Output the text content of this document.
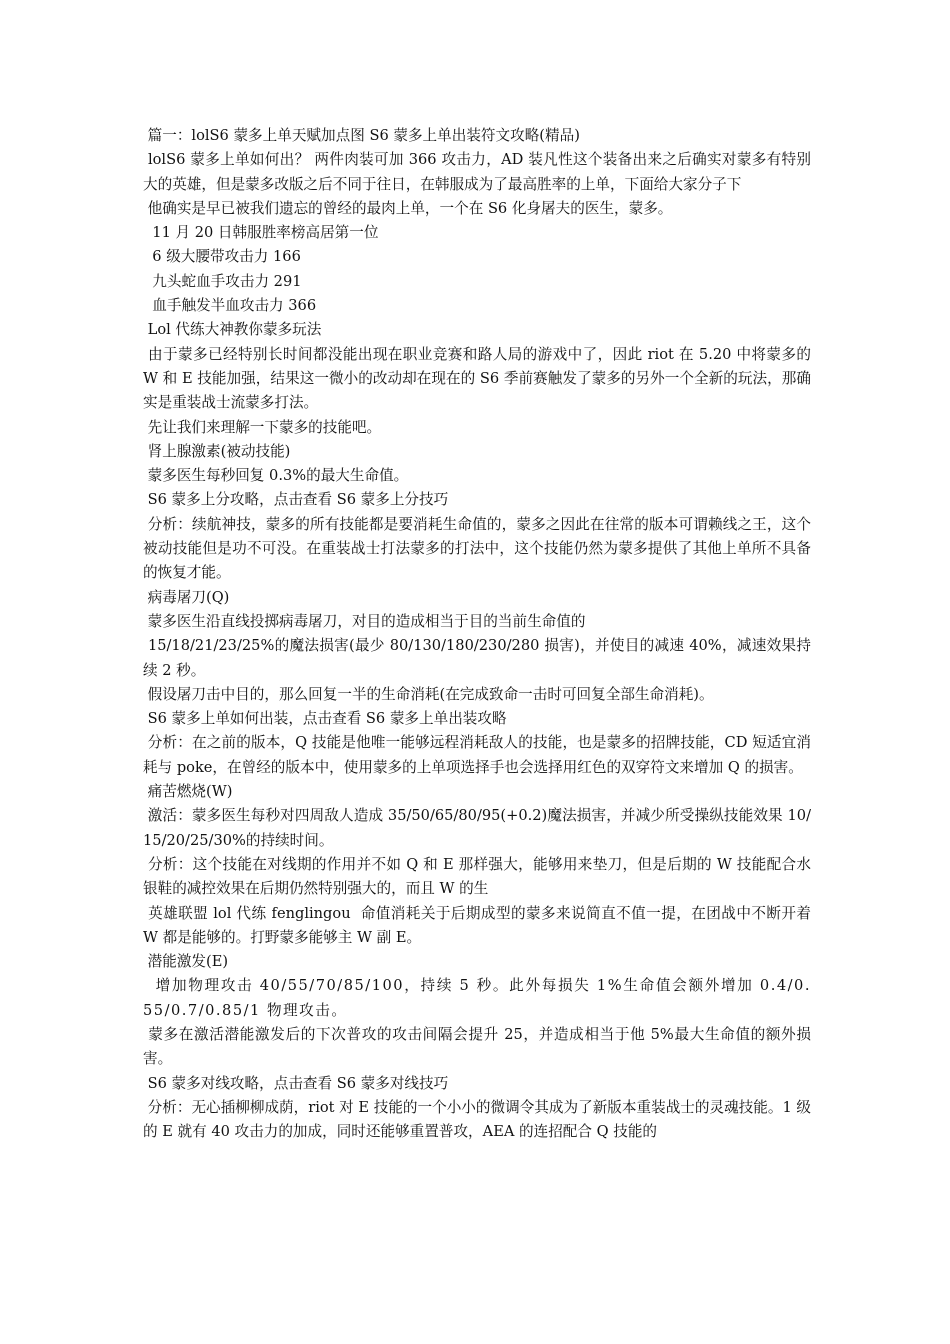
篇一：lolS6 蒙多上单天赋加点图 S6 蒙多上单出装符文攻略(精品)

lolS6 蒙多上单如何出？ 两件肉装可加 366 攻击力，AD 装凡性这个装备出来之后确实对蒙多有特别大的英雄，但是蒙多改版之后不同于往日，在韩服成为了最高胜率的上单，下面给大家分子下

他确实是早已被我们遗忘的曾经的最肉上单，一个在 S6 化身屠夫的医生，蒙多。

11 月 20 日韩服胜率榜高居第一位

6 级大腰带攻击力 166

九头蛇血手攻击力 291

血手触发半血攻击力 366

Lol 代练大神教你蒙多玩法

由于蒙多已经特别长时间都没能出现在职业竞赛和路人局的游戏中了，因此 riot 在 5.20 中将蒙多的 W 和 E 技能加强，结果这一微小的改动却在现在的 S6 季前赛触发了蒙多的另外一个全新的玩法，那确实是重装战士流蒙多打法。

先让我们来理解一下蒙多的技能吧。

肾上腺激素(被动技能)

蒙多医生每秒回复 0.3%的最大生命值。

S6 蒙多上分攻略，点击查看 S6 蒙多上分技巧

分析：续航神技，蒙多的所有技能都是要消耗生命值的，蒙多之因此在往常的版本可谓赖线之王，这个被动技能但是功不可没。在重装战士打法蒙多的打法中，这个技能仍然为蒙多提供了其他上单所不具备的恢复才能。

病毒屠刀(Q)

蒙多医生沿直线投掷病毒屠刀，对目的造成相当于目的当前生命值的

15/18/21/23/25%的魔法损害(最少 80/130/180/230/280 损害)，并使目的减速 40%，减速效果持续 2 秒。

假设屠刀击中目的，那么回复一半的生命消耗(在完成致命一击时可回复全部生命消耗)。

S6 蒙多上单如何出装，点击查看 S6 蒙多上单出装攻略

分析：在之前的版本，Q 技能是他唯一能够远程消耗敌人的技能，也是蒙多的招牌技能，CD 短适宜消耗与 poke，在曾经的版本中，使用蒙多的上单项选择手也会选择用红色的双穿符文来增加 Q 的损害。

痛苦燃烧(W)

激活：蒙多医生每秒对四周敌人造成 35/50/65/80/95(+0.2)魔法损害，并减少所受操纵技能效果 10/15/20/25/30%的持续时间。

分析：这个技能在对线期的作用并不如 Q 和 E 那样强大，能够用来垫刀，但是后期的 W 技能配合水银鞋的减控效果在后期仍然特别强大的，而且 W 的生

英雄联盟 lol 代练 fenglingou  命值消耗关于后期成型的蒙多来说简直不值一提，在团战中不断开着 W 都是能够的。打野蒙多能够主 W 副 E。

潜能激发(E)

增加物理攻击 40/55/70/85/100，持续 5 秒。此外每损失 1%生命值会额外增加 0.4/0.55/0.7/0.85/1 物理攻击。

蒙多在激活潜能激发后的下次普攻的攻击间隔会提升 25，并造成相当于他 5%最大生命值的额外损害。

S6 蒙多对线攻略，点击查看 S6 蒙多对线技巧

分析：无心插柳柳成荫，riot 对 E 技能的一个小小的微调令其成为了新版本重装战士的灵魂技能。1 级的 E 就有 40 攻击力的加成，同时还能够重置普攻，AEA 的连招配合 Q 技能的
